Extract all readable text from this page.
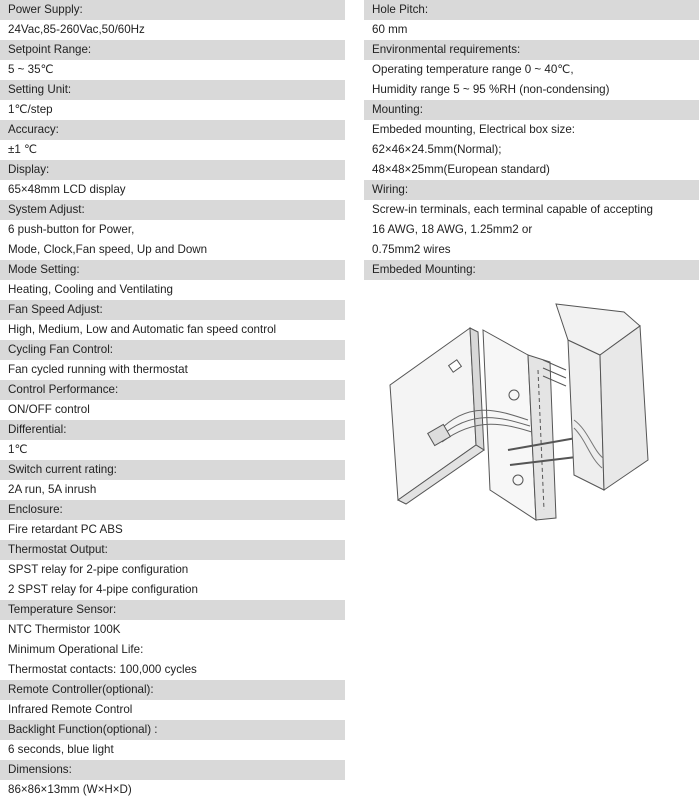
Power Supply:
24Vac,85-260Vac,50/60Hz
Setpoint Range:
5 ~ 35℃
Setting Unit:
1℃/step
Accuracy:
±1 ℃
Display:
65×48mm LCD display
System Adjust:
6 push-button for Power,
Mode, Clock,Fan speed, Up and Down
Mode Setting:
Heating, Cooling and Ventilating
Fan Speed Adjust:
High, Medium, Low and Automatic fan speed control
Cycling Fan Control:
Fan cycled running with thermostat
Control Performance:
ON/OFF control
Differential:
1℃
Switch current rating:
2A run, 5A inrush
Enclosure:
Fire retardant PC ABS
Thermostat Output:
SPST relay for 2-pipe configuration
2 SPST relay for 4-pipe configuration
Temperature Sensor:
NTC Thermistor 100K
Minimum Operational Life:
Thermostat contacts: 100,000 cycles
Remote Controller(optional):
Infrared Remote Control
Backlight Function(optional) :
6 seconds, blue light
Dimensions:
86×86×13mm (W×H×D)
Hole Pitch:
60 mm
Environmental requirements:
Operating temperature range 0 ~ 40℃,
Humidity range 5 ~ 95 %RH (non-condensing)
Mounting:
Embeded mounting, Electrical box size:
62×46×24.5mm(Normal);
48×48×25mm(European standard)
Wiring:
Screw-in terminals, each terminal capable of accepting
16 AWG, 18 AWG, 1.25mm2 or
0.75mm2 wires
Embeded Mounting:
